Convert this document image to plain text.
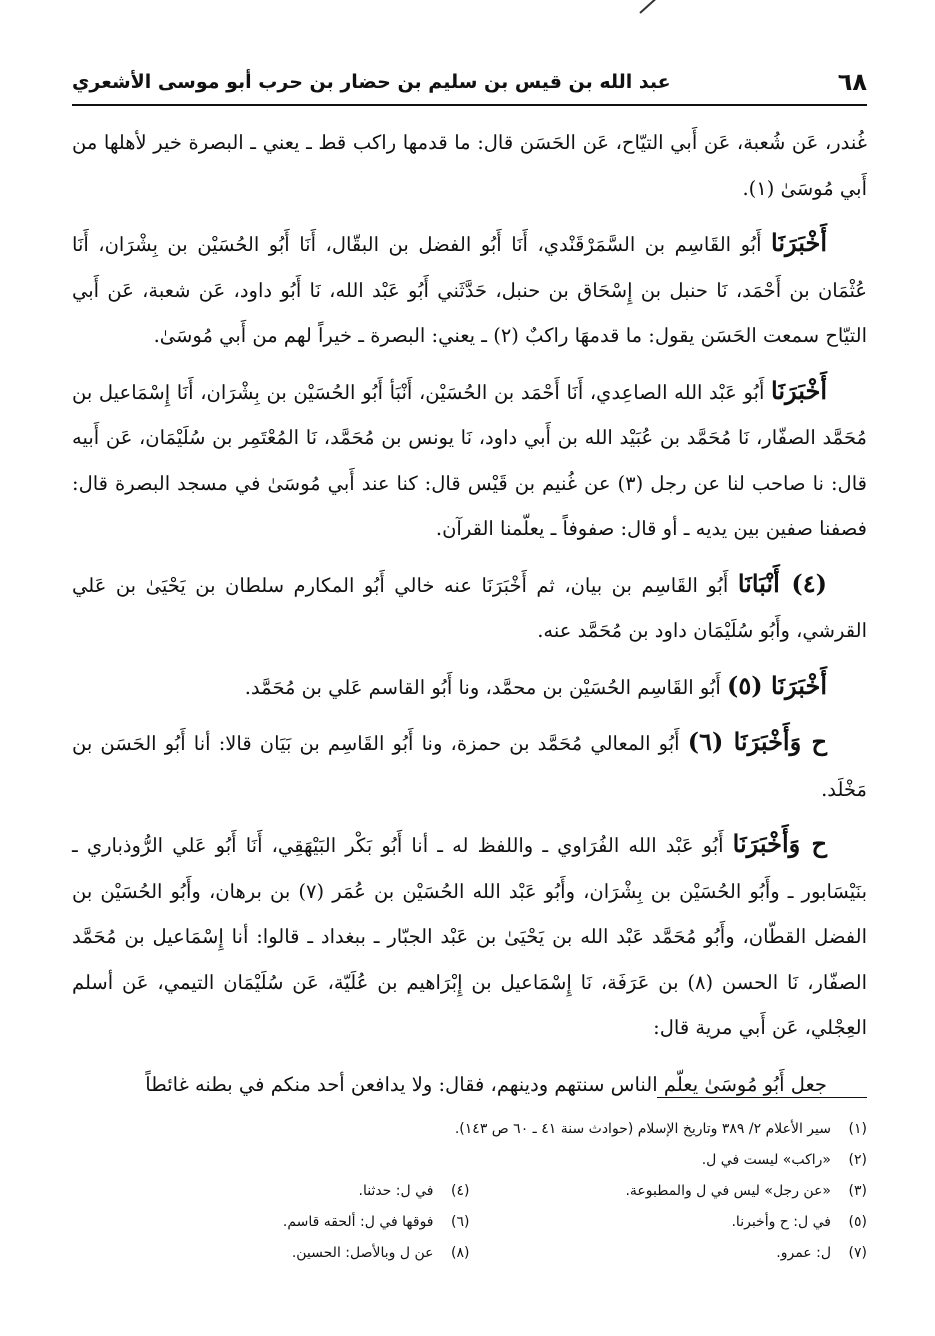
٦٨
عبد الله بن قيس بن سليم بن حضار بن حرب أبو موسى الأشعري

غُندر، عَن شُعبة، عَن أَبي التيّاح، عَن الحَسَن قال: ما قدمها راكب قط ـ يعني ـ البصرة خير لأهلها من أَبي مُوسَىٰ (١).

أَخْبَرَنَا أَبُو القَاسِم بن السَّمَرْقَنْدي، أَنَا أَبُو الفضل بن البقّال، أَنَا أَبُو الحُسَيْن بن بِشْرَان، أَنَا عُثْمَان بن أَحْمَد، نَا حنبل بن إِسْحَاق بن حنبل، حَدَّثَني أَبُو عَبْد الله، نَا أَبُو داود، عَن شعبة، عَن أَبي التيّاح سمعت الحَسَن يقول: ما قدمهَا راكبٌ (٢) ـ يعني: البصرة ـ خيراً لهم من أَبي مُوسَىٰ.

أَخْبَرَنَا أَبُو عَبْد الله الصاعِدي، أَنَا أَحْمَد بن الحُسَيْن، أَنْبَأ أَبُو الحُسَيْن بن بِشْرَان، أَنَا إِسْمَاعيل بن مُحَمَّد الصفّار، نَا مُحَمَّد بن عُبَيْد الله بن أَبي داود، نَا يونس بن مُحَمَّد، نَا المُعْتَمِر بن سُلَيْمَان، عَن أَبيه قال: نا صاحب لنا عن رجل (٣) عن غُنيم بن قَيْس قال: كنا عند أَبي مُوسَىٰ في مسجد البصرة قال: فصفنا صفين بين يديه ـ أو قال: صفوفاً ـ يعلّمنا القرآن.

(٤) أَنْبَانَا أَبُو القَاسِم بن بيان، ثم أَخْبَرَنَا عنه خالي أَبُو المكارم سلطان بن يَحْيَىٰ بن عَلي القرشي، وأَبُو سُلَيْمَان داود بن مُحَمَّد عنه.

أَخْبَرَنَا (٥) أَبُو القَاسِم الحُسَيْن بن محمَّد، ونا أَبُو القاسم عَلي بن مُحَمَّد.

ح وَأَخْبَرَنَا (٦) أَبُو المعالي مُحَمَّد بن حمزة، ونا أَبُو القَاسِم بن بَيَان قالا: أنا أَبُو الحَسَن بن مَخْلَد.

ح وَأَخْبَرَنَا أَبُو عَبْد الله الفُرَاوي ـ واللفظ له ـ أنا أَبُو بَكْر البَيْهَقِي، أَنَا أَبُو عَلي الرُّوذباري ـ بنَيْسَابور ـ وأَبُو الحُسَيْن بن بِشْرَان، وأَبُو عَبْد الله الحُسَيْن بن عُمَر (٧) بن برهان، وأَبُو الحُسَيْن بن الفضل القطّان، وأَبُو مُحَمَّد عَبْد الله بن يَحْيَىٰ بن عَبْد الجبّار ـ ببغداد ـ قالوا: أنا إِسْمَاعيل بن مُحَمَّد الصفّار، نَا الحسن (٨) بن عَرَفَة، نَا إِسْمَاعيل بن إِبْرَاهيم بن عُلَيّة، عَن سُلَيْمَان التيمي، عَن أسلم العِجْلي، عَن أَبي مرية قال:

جعل أَبُو مُوسَىٰ يعلّم الناس سنتهم ودينهم، فقال: ولا يدافعن أحد منكم في بطنه غائطاً

(١)سير الأعلام ٢/ ٣٨٩ وتاريخ الإسلام (حوادث سنة ٤١ ـ ٦٠ ص ١٤٣).
(٢)«راكب» ليست في ل.
(٣)«عن رجل» ليس في ل والمطبوعة.
(٤)في ل: حدثنا.
(٥)في ل: ح وأخبرنا.
(٦)فوقها في ل: ألحقه قاسم.
(٧)ل: عمرو.
(٨)عن ل وبالأصل: الحسين.
